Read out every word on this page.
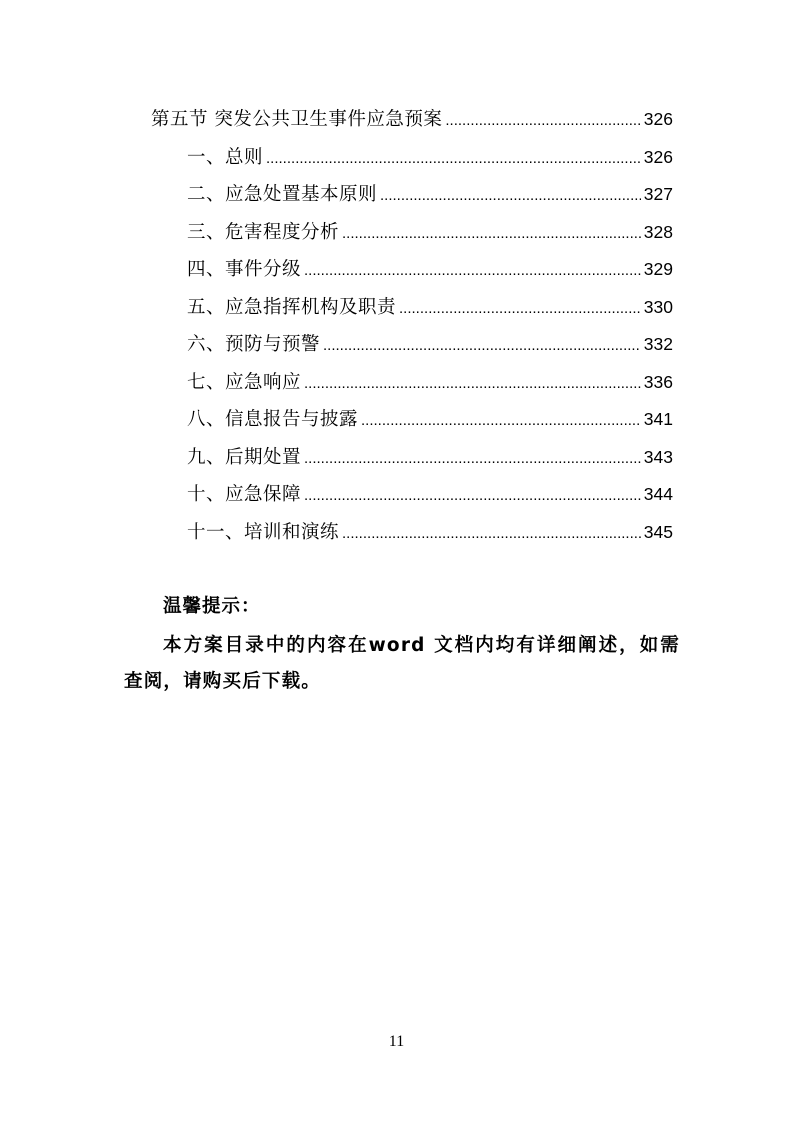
第五节 突发公共卫生事件应急预案 .....	326
一、总则 .....	326
二、应急处置基本原则 .....	327
三、危害程度分析 .....	328
四、事件分级 .....	329
五、应急指挥机构及职责 .....	330
六、预防与预警 .....	332
七、应急响应 .....	336
八、信息报告与披露 .....	341
九、后期处置 .....	343
十、应急保障 .....	344
十一、培训和演练 .....	345
温馨提示：
本方案目录中的内容在word 文档内均有详细阐述，如需查阅，请购买后下载。
11
